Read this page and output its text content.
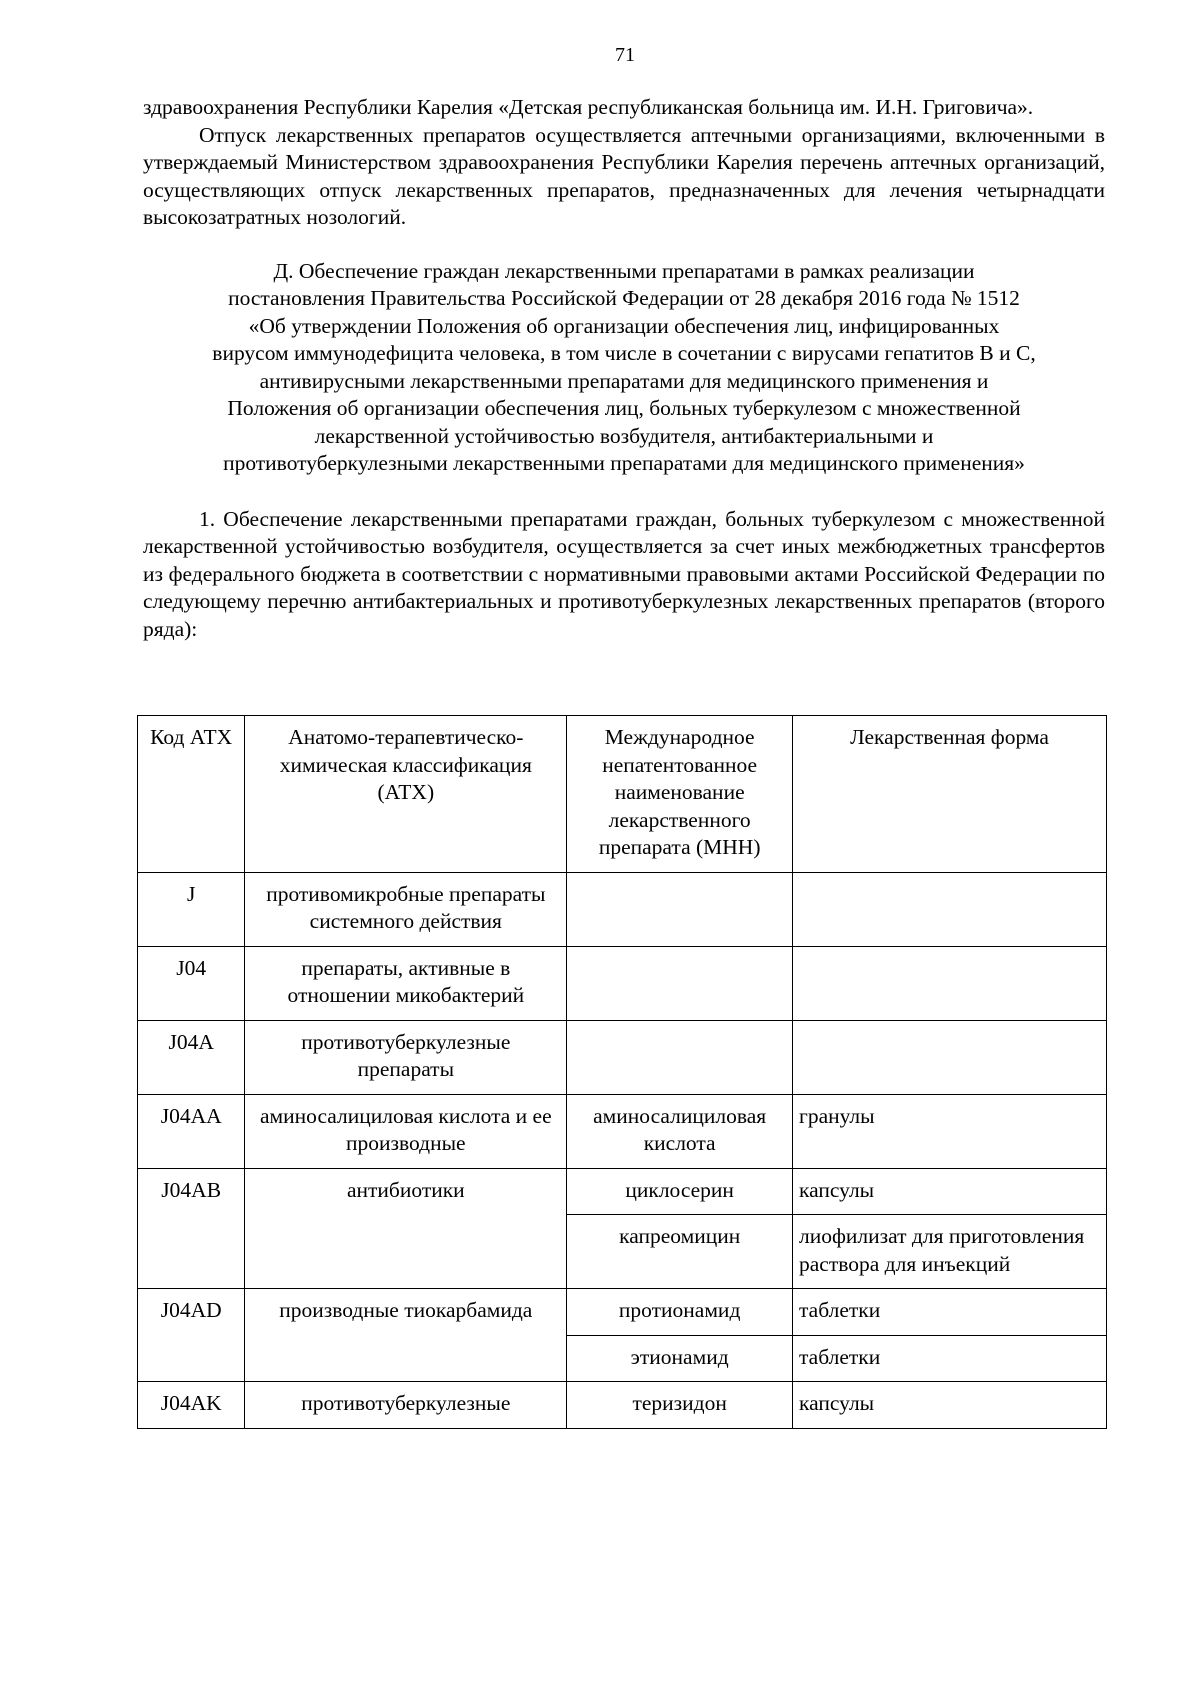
71

здравоохранения Республики Карелия «Детская республиканская больница им. И.Н. Григовича».

Отпуск лекарственных препаратов осуществляется аптечными организациями, включенными в утверждаемый Министерством здравоохранения Республики Карелия перечень аптечных организаций, осуществляющих отпуск лекарственных препаратов, предназначенных для лечения четырнадцати высокозатратных нозологий.

Д. Обеспечение граждан лекарственными препаратами в рамках реализации
постановления Правительства Российской Федерации от 28 декабря 2016 года № 1512
«Об утверждении Положения об организации обеспечения лиц, инфицированных
вирусом иммунодефицита человека, в том числе в сочетании с вирусами гепатитов B и C,
антивирусными лекарственными препаратами для медицинского применения и
Положения об организации обеспечения лиц, больных туберкулезом с множественной
лекарственной устойчивостью возбудителя, антибактериальными и
противотуберкулезными лекарственными препаратами для медицинского применения»

1. Обеспечение лекарственными препаратами граждан, больных туберкулезом с множественной лекарственной устойчивостью возбудителя, осуществляется за счет иных межбюджетных трансфертов из федерального бюджета в соответствии с нормативными правовыми актами Российской Федерации по следующему перечню антибактериальных и противотуберкулезных лекарственных препаратов (второго ряда):

Код АТХ	Анатомо-терапевтическо-химическая классификация (АТХ)	Международное непатентованное наименование лекарственного препарата (МНН)	Лекарственная форма
J	противомикробные препараты системного действия		
J04	препараты, активные в отношении микобактерий		
J04A	противотуберкулезные препараты		
J04AA	аминосалициловая кислота и ее производные	аминосалициловая кислота	гранулы
J04AB	антибиотики	циклосерин	капсулы
		капреомицин	лиофилизат для приготовления раствора для инъекций
J04AD	производные тиокарбамида	протионамид	таблетки
		этионамид	таблетки
J04AK	противотуберкулезные	теризидон	капсулы
